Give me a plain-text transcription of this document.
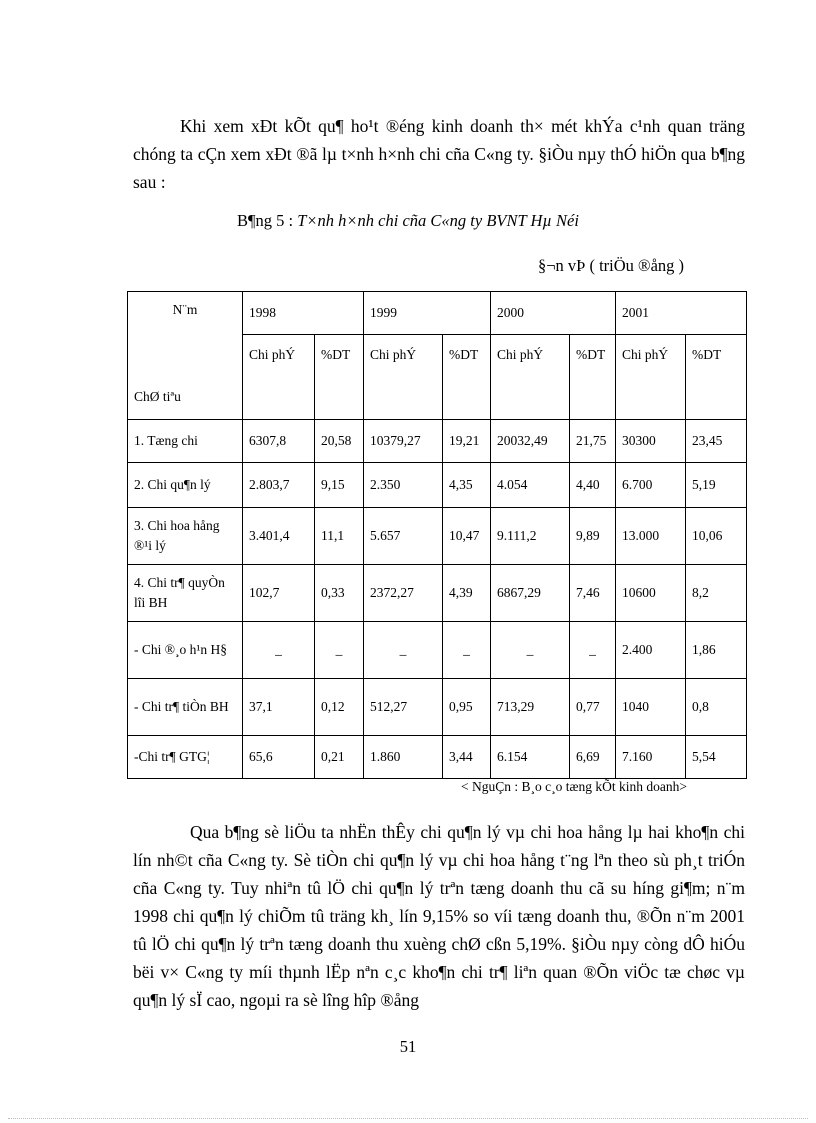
Khi xem xÐt kÕt qu¶ ho¹t ®éng kinh doanh th× mét khÝa c¹nh quan träng chóng ta cÇn xem xÐt ®ã lµ t×nh h×nh chi cña C«ng ty. §iÒu nµy thÓ hiÖn qua b¶ng sau :

B¶ng 5 : T×nh h×nh chi cña C«ng ty BVNT Hµ Néi
§¬n vÞ ( triÖu ®ång )
N¨m
ChØ tiªu	1998		1999		2000		2001	
	Chi phÝ	%DT	Chi phÝ	%DT	Chi phÝ	%DT	Chi phÝ	%DT
1. Tæng chi	6307,8	20,58	10379,27	19,21	20032,49	21,75	30300	23,45
2. Chi qu¶n lý	2.803,7	9,15	2.350	4,35	4.054	4,40	6.700	5,19
3. Chi hoa hång ®¹i lý	3.401,4	11,1	5.657	10,47	9.111,2	9,89	13.000	10,06
4. Chi tr¶ quyÒn lîi BH	102,7	0,33	2372,27	4,39	6867,29	7,46	10600	8,2
- Chi ®¸o h¹n H§	_	_	_	_	_	_	2.400	1,86
- Chi tr¶ tiÒn BH	37,1	0,12	512,27	0,95	713,29	0,77	1040	0,8
-Chi tr¶ GTG¦	65,6	0,21	1.860	3,44	6.154	6,69	7.160	5,54
< NguÇn : B¸o c¸o tæng kÕt kinh doanh>

Qua b¶ng sè liÖu ta nhËn thÊy chi qu¶n lý vµ chi hoa hång lµ hai kho¶n chi lín nh©t cña C«ng ty. Sè tiÒn chi qu¶n lý vµ chi hoa hång t¨ng lªn theo sù ph¸t triÓn cña C«ng ty. Tuy nhiªn tû lÖ chi qu¶n lý trªn tæng doanh thu cã su híng gi¶m; n¨m 1998 chi qu¶n lý chiÕm tû träng kh¸ lín 9,15% so víi tæng doanh thu, ®Õn n¨m 2001 tû lÖ chi qu¶n lý trªn tæng doanh thu xuèng chØ cßn 5,19%. §iÒu nµy còng dÔ hiÓu bëi v× C«ng ty míi thµnh lËp nªn c¸c kho¶n chi tr¶ liªn quan ®Õn viÖc tæ chøc vµ qu¶n lý sÏ cao, ngoµi ra sè lîng hîp ®ång

51
